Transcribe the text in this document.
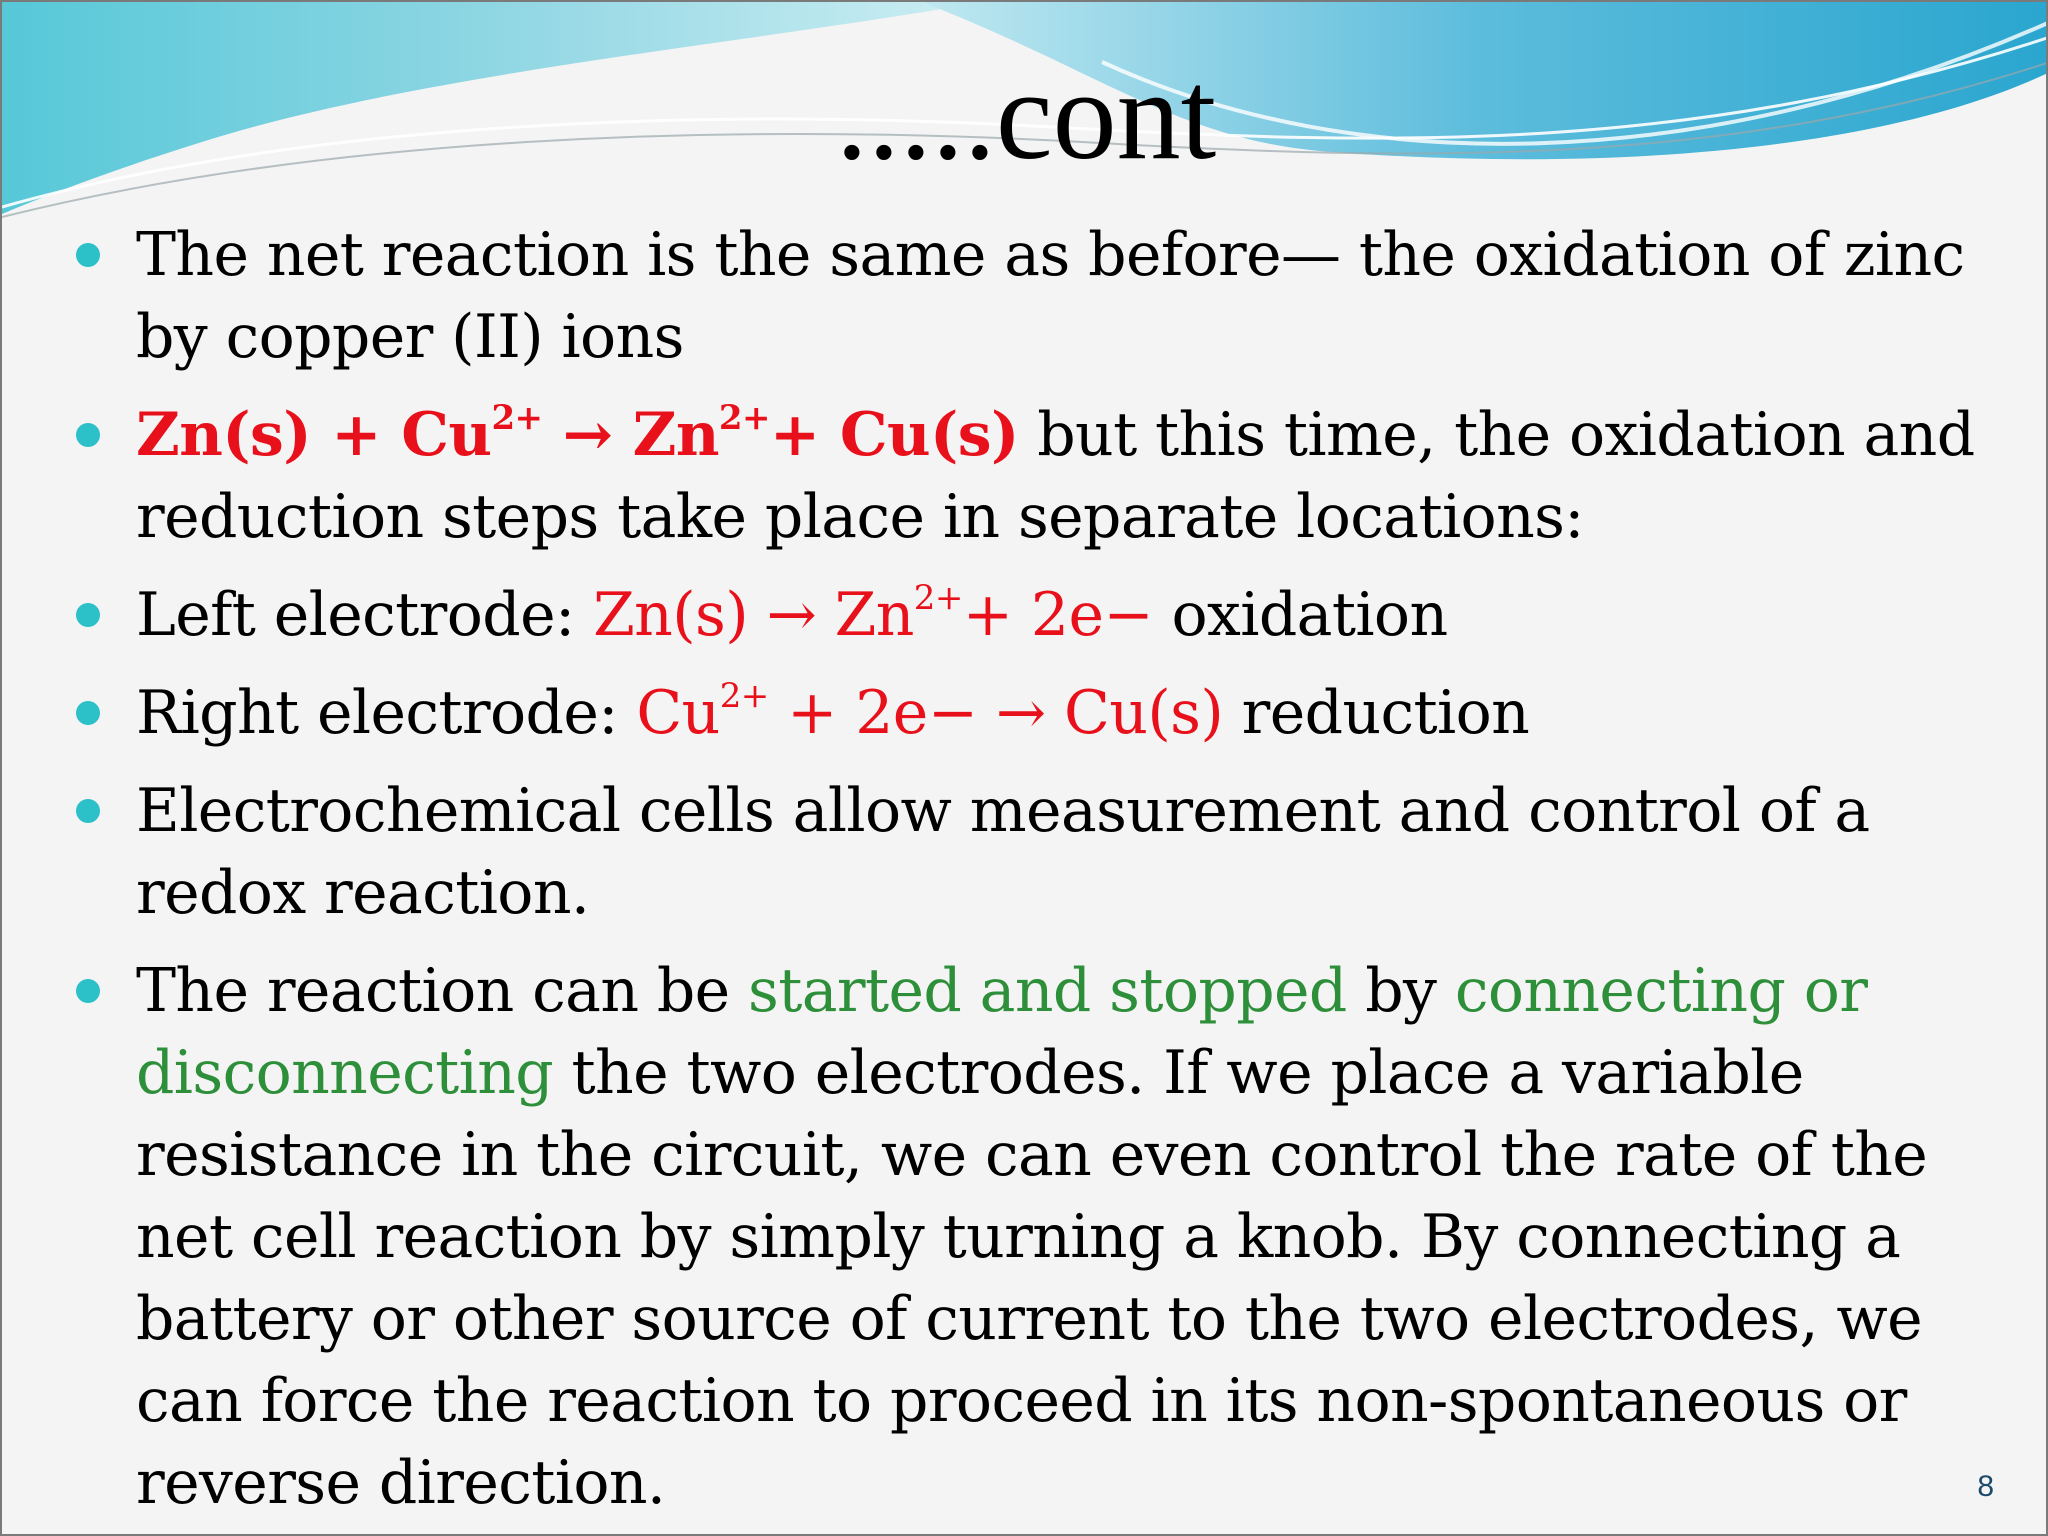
.....cont
The net reaction is the same as before— the oxidation of zinc by copper (II) ions
$Zn(s) + Cu^{2+} \to Zn^{2+}+ Cu(s)$ but this time, the oxidation and reduction steps take place in separate locations:
Left electrode: $Zn(s) \to Zn^{2+}+ 2e-$ oxidation
Right electrode: $Cu^{2+} + 2e- \to Cu(s)$ reduction
Electrochemical cells allow measurement and control of a redox reaction.
The reaction can be started and stopped by connecting or disconnecting the two electrodes. If we place a variable resistance in the circuit, we can even control the rate of the net cell reaction by simply turning a knob. By connecting a battery or other source of current to the two electrodes, we can force the reaction to proceed in its non-spontaneous or reverse direction.	8
